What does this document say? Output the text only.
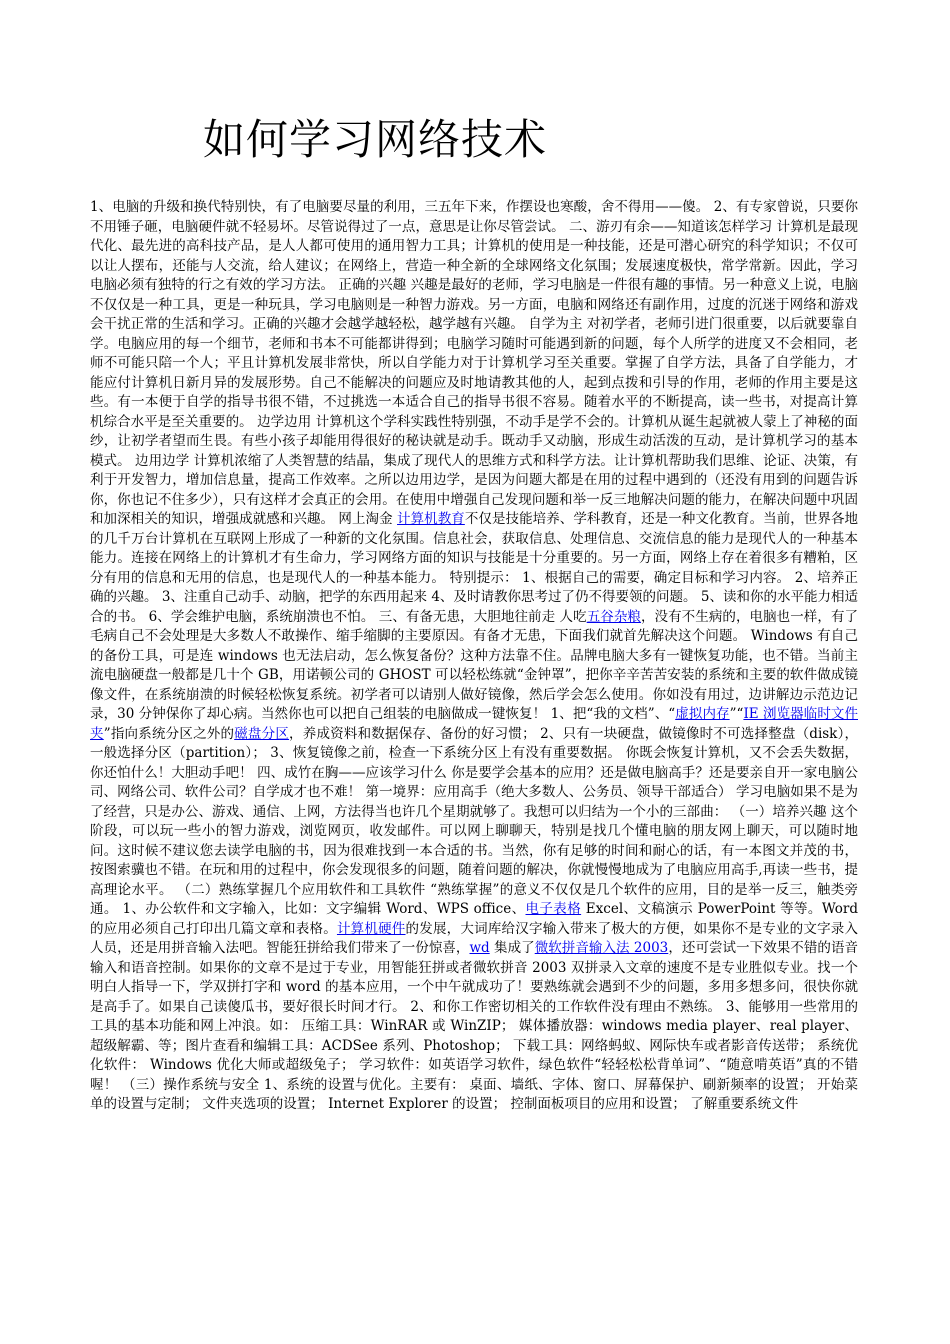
如何学习网络技术

1、电脑的升级和换代特别快，有了电脑要尽量的利用，三五年下来，作摆设也寒酸，舍不得用——傻。 2、有专家曾说，只要你不用锤子砸，电脑硬件就不轻易坏。尽管说得过了一点，意思是让你尽管尝试。 二、游刃有余——知道该怎样学习 计算机是最现代化、最先进的高科技产品，是人人都可使用的通用智力工具；计算机的使用是一种技能，还是可潜心研究的科学知识；不仅可以让人摆布，还能与人交流，给人建议；在网络上，营造一种全新的全球网络文化氛围；发展速度极快，常学常新。因此，学习电脑必须有独特的行之有效的学习方法。 正确的兴趣 兴趣是最好的老师，学习电脑是一件很有趣的事情。另一种意义上说，电脑不仅仅是一种工具，更是一种玩具，学习电脑则是一种智力游戏。另一方面，电脑和网络还有副作用，过度的沉迷于网络和游戏会干扰正常的生活和学习。正确的兴趣才会越学越轻松，越学越有兴趣。 自学为主 对初学者，老师引进门很重要，以后就要靠自学。电脑应用的每一个细节，老师和书本不可能都讲得到；电脑学习随时可能遇到新的问题，每个人所学的进度又不会相同，老师不可能只陪一个人；平且计算机发展非常快，所以自学能力对于计算机学习至关重要。掌握了自学方法，具备了自学能力，才能应付计算机日新月异的发展形势。自己不能解决的问题应及时地请教其他的人，起到点拨和引导的作用，老师的作用主要是这些。有一本便于自学的指导书很不错，不过挑选一本适合自己的指导书很不容易。随着水平的不断提高，读一些书，对提高计算机综合水平是至关重要的。 边学边用 计算机这个学科实践性特别强，不动手是学不会的。计算机从诞生起就被人蒙上了神秘的面纱，让初学者望而生畏。有些小孩子却能用得很好的秘诀就是动手。既动手又动脑，形成生动活泼的互动，是计算机学习的基本模式。 边用边学 计算机浓缩了人类智慧的结晶，集成了现代人的思维方式和科学方法。让计算机帮助我们思维、论证、决策，有利于开发智力，增加信息量，提高工作效率。之所以边用边学，是因为问题大都是在用的过程中遇到的（还没有用到的问题告诉你，你也记不住多少），只有这样才会真正的会用。在使用中增强自己发现问题和举一反三地解决问题的能力，在解决问题中巩固和加深相关的知识，增强成就感和兴趣。 网上淘金 计算机教育不仅是技能培养、学科教育，还是一种文化教育。当前，世界各地的几千万台计算机在互联网上形成了一种新的文化氛围。信息社会，获取信息、处理信息、交流信息的能力是现代人的一种基本能力。连接在网络上的计算机才有生命力，学习网络方面的知识与技能是十分重要的。另一方面，网络上存在着很多有糟粕，区分有用的信息和无用的信息，也是现代人的一种基本能力。 特别提示： 1、根据自己的需要，确定目标和学习内容。 2、培养正确的兴趣。 3、注重自己动手、动脑，把学的东西用起来 4、及时请教你思考过了仍不得要领的问题。 5、读和你的水平能力相适合的书。 6、学会维护电脑，系统崩溃也不怕。 三、有备无患，大胆地往前走 人吃五谷杂粮，没有不生病的，电脑也一样，有了毛病自己不会处理是大多数人不敢操作、缩手缩脚的主要原因。有备才无患，下面我们就首先解决这个问题。 Windows 有自己的备份工具，可是连 windows 也无法启动，怎么恢复备份？这种方法靠不住。品牌电脑大多有一键恢复功能，也不错。当前主流电脑硬盘一般都是几十个 GB，用诺顿公司的 GHOST 可以轻松练就“金钟罩”，把你辛辛苦苦安装的系统和主要的软件做成镜像文件，在系统崩溃的时候轻松恢复系统。初学者可以请别人做好镜像，然后学会怎么使用。你如没有用过，边讲解边示范边记录，30 分钟保你了却心病。当然你也可以把自己组装的电脑做成一键恢复！ 1、把“我的文档”、“虚拟内存”“IE 浏览器临时文件夹”指向系统分区之外的磁盘分区，养成资料和数据保存、备份的好习惯； 2、只有一块硬盘，做镜像时不可选择整盘（disk），一般选择分区（partition）； 3、恢复镜像之前，检查一下系统分区上有没有重要数据。 你既会恢复计算机，又不会丢失数据，你还怕什么！大胆动手吧！ 四、成竹在胸——应该学习什么 你是要学会基本的应用？还是做电脑高手？还是要亲自开一家电脑公司、网络公司、软件公司？自学成才也不难！ 第一境界：应用高手（绝大多数人、公务员、领导干部适合） 学习电脑如果不是为了经营，只是办公、游戏、通信、上网，方法得当也许几个星期就够了。我想可以归结为一个小的三部曲： （一）培养兴趣 这个阶段，可以玩一些小的智力游戏，浏览网页，收发邮件。可以网上聊聊天，特别是找几个懂电脑的朋友网上聊天，可以随时地问。这时候不建议您去读学电脑的书，因为很难找到一本合适的书。当然，你有足够的时间和耐心的话，有一本图文并茂的书，按图索骥也不错。在玩和用的过程中，你会发现很多的问题，随着问题的解决，你就慢慢地成为了电脑应用高手,再读一些书，提高理论水平。 （二）熟练掌握几个应用软件和工具软件 “熟练掌握”的意义不仅仅是几个软件的应用，目的是举一反三，触类旁通。 1、办公软件和文字输入，比如：文字编辑 Word、WPS office、电子表格 Excel、文稿演示 PowerPoint 等等。Word 的应用必须自己打印出几篇文章和表格。计算机硬件的发展，大词库给汉字输入带来了极大的方便，如果你不是专业的文字录入人员，还是用拼音输入法吧。智能狂拼给我们带来了一份惊喜，wd 集成了微软拼音输入法 2003，还可尝试一下效果不错的语音输入和语音控制。如果你的文章不是过于专业，用智能狂拼或者微软拼音 2003 双拼录入文章的速度不是专业胜似专业。找一个明白人指导一下，学双拼打字和 word 的基本应用，一个中午就成功了！要熟练就会遇到不少的问题，多用多想多问，很快你就是高手了。如果自己读傻瓜书，要好很长时间才行。 2、和你工作密切相关的工作软件没有理由不熟练。 3、能够用一些常用的工具的基本功能和网上冲浪。如： 压缩工具：WinRAR 或 WinZIP； 媒体播放器：windows media player、real player、超级解霸、等；图片查看和编辑工具：ACDSee 系列、Photoshop； 下载工具：网络蚂蚁、网际快车或者影音传送带； 系统优化软件： Windows 优化大师或超级兔子； 学习软件：如英语学习软件，绿色软件“轻轻松松背单词”、“随意啃英语”真的不错喔！ （三）操作系统与安全 1、系统的设置与优化。主要有： 桌面、墙纸、字体、窗口、屏幕保护、刷新频率的设置； 开始菜单的设置与定制； 文件夹选项的设置； Internet Explorer 的设置； 控制面板项目的应用和设置； 了解重要系统文件
